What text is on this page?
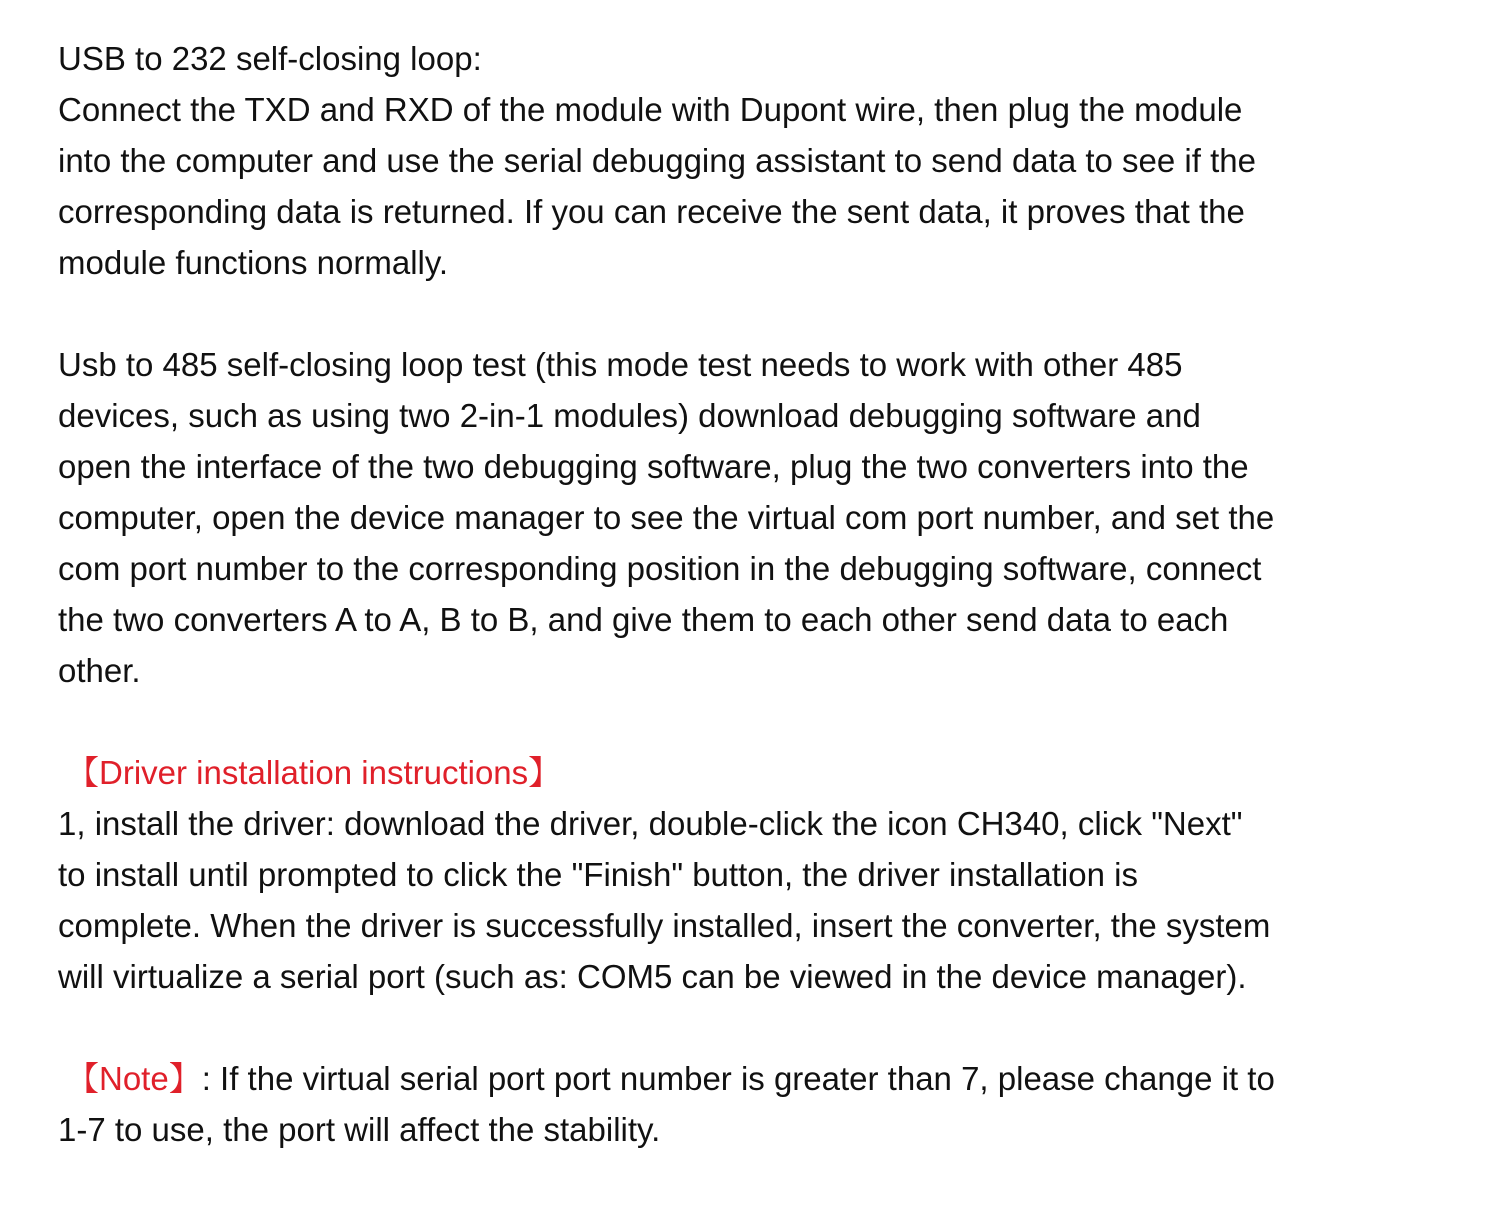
USB to 232 self-closing loop:
Connect the TXD and RXD of the module with Dupont wire, then plug the module
into the computer and use the serial debugging assistant to send data to see if the
corresponding data is returned. If you can receive the sent data, it proves that the
module functions normally.
Usb to 485 self-closing loop test (this mode test needs to work with other 485
devices, such as using two 2-in-1 modules) download debugging software and
open the interface of the two debugging software, plug the two converters into the
computer, open the device manager to see the virtual com port number, and set the
com port number to the corresponding position in the debugging software, connect
the two converters A to A, B to B, and give them to each other send data to each
other.
【Driver installation instructions】
1, install the driver: download the driver, double-click the icon CH340, click "Next"
to install until prompted to click the "Finish" button, the driver installation is
complete. When the driver is successfully installed, insert the converter, the system
will virtualize a serial port (such as: COM5 can be viewed in the device manager).
【Note】: If the virtual serial port port number is greater than 7, please change it to
1-7 to use, the port will affect the stability.
